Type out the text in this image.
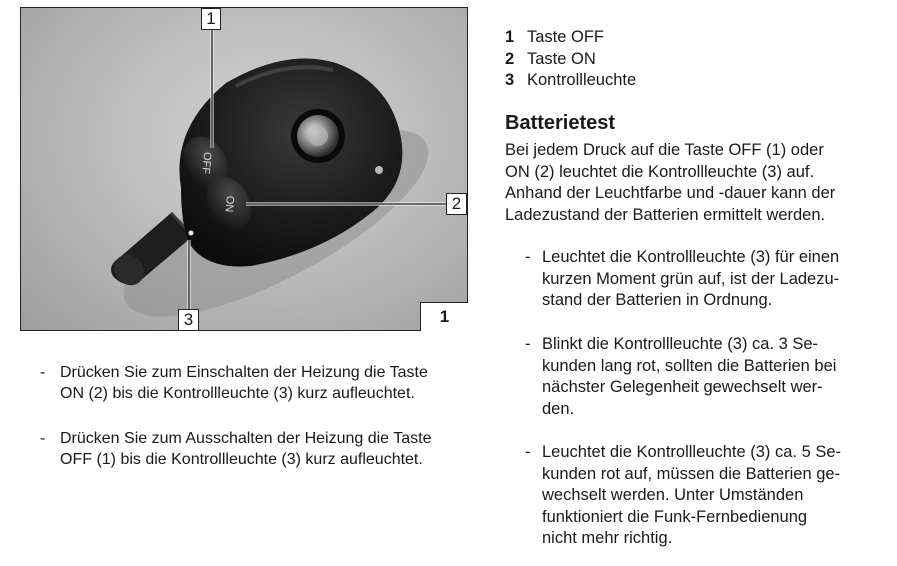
OFF
ON
1
2
3	1
- Drücken Sie zum Einschalten der Heizung die Taste
ON (2) bis die Kontrollleuchte (3) kurz aufleuchtet.
- Drücken Sie zum Ausschalten der Heizung die Taste
OFF (1) bis die Kontrollleuchte (3) kurz aufleuchtet.
1 Taste OFF
2 Taste ON
3 Kontrollleuchte
Batterietest
Bei jedem Druck auf die Taste OFF (1) oder
ON (2) leuchtet die Kontrollleuchte (3) auf.
Anhand der Leuchtfarbe und -dauer kann der
Ladezustand der Batterien ermittelt werden.
- Leuchtet die Kontrollleuchte (3) für einen
kurzen Moment grün auf, ist der Ladezu-
stand der Batterien in Ordnung.
- Blinkt die Kontrollleuchte (3) ca. 3 Se-
kunden lang rot, sollten die Batterien bei
nächster Gelegenheit gewechselt wer-
den.
- Leuchtet die Kontrollleuchte (3) ca. 5 Se-
kunden rot auf, müssen die Batterien ge-
wechselt werden. Unter Umständen
funktioniert die Funk-Fernbedienung
nicht mehr richtig.
